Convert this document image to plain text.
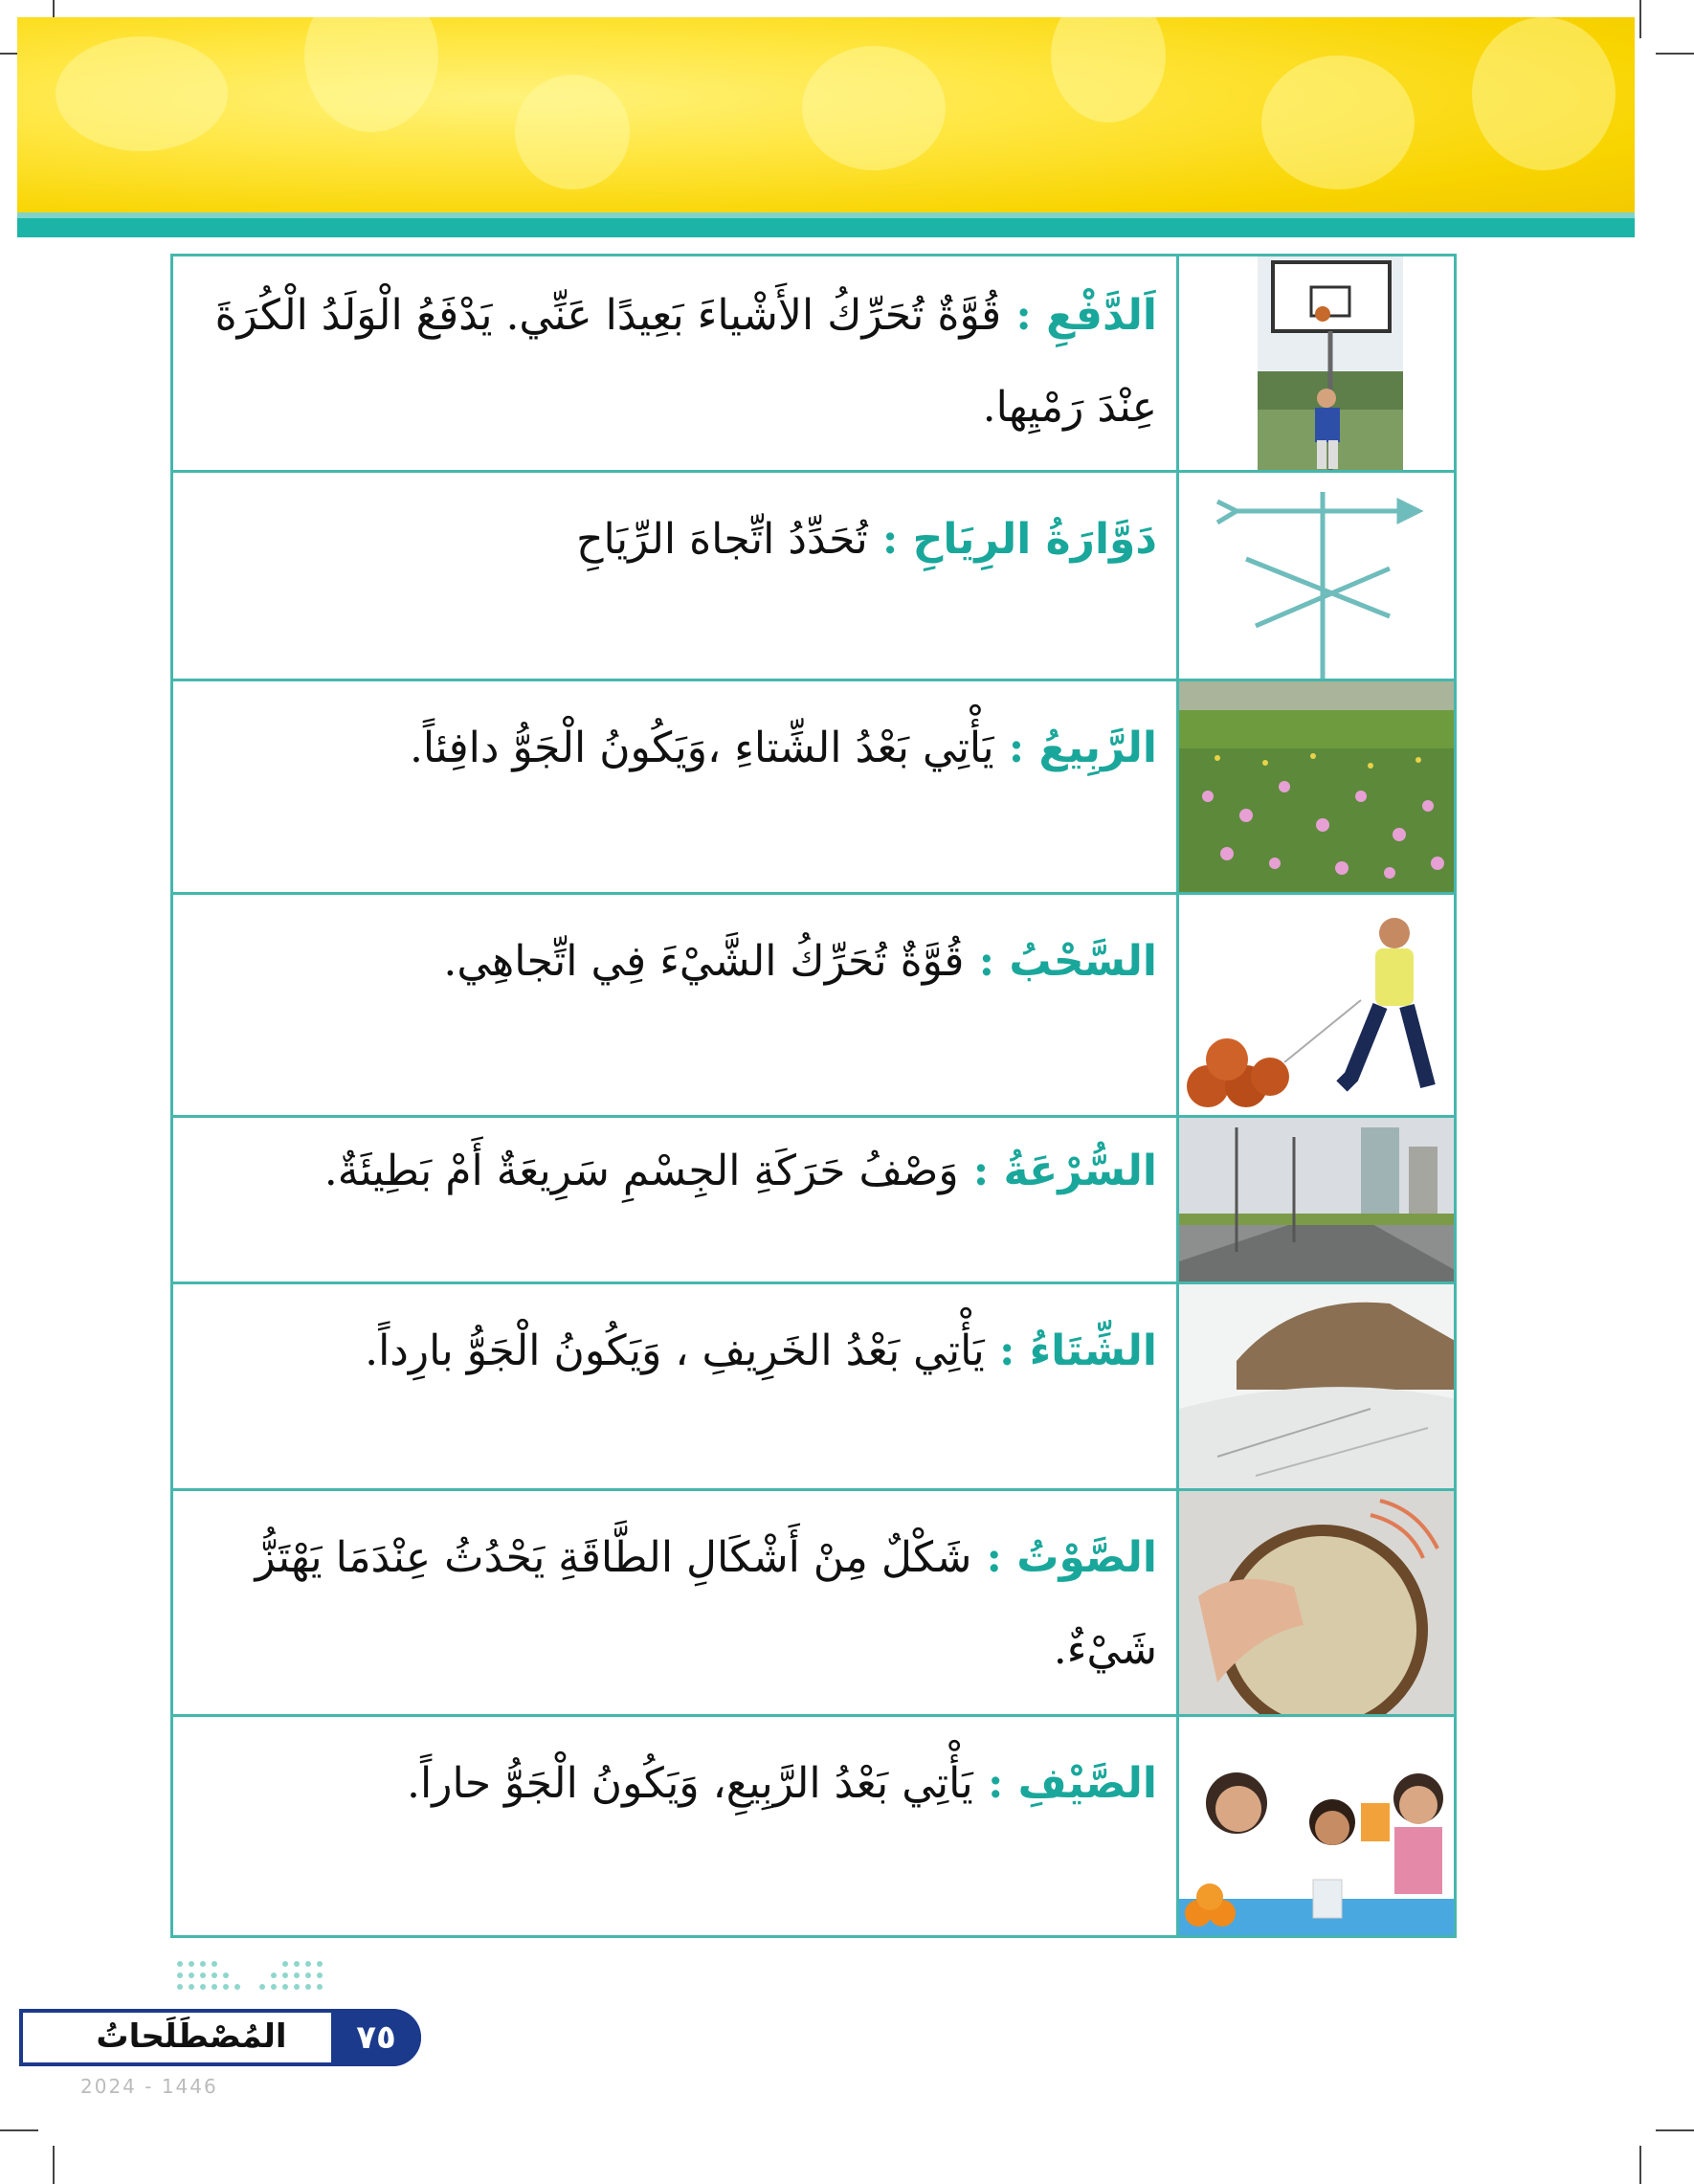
اَلدَّفْعِ : قُوَّةٌ تُحَرِّكُ الأَشْياءَ بَعِيدًا عَنِّي. يَدْفَعُ الْوَلَدُ الْكُرَةَ عِنْدَ رَمْيِها.
دَوَّارَةُ الرِيَاحِ : تُحَدِّدُ اتِّجاهَ الرِّيَاحِ
الرَّبِيعُ : يَأْتِي بَعْدُ الشِّتاءِ ،وَيَكُونُ الْجَوُّ دافِئاً.
السَّحْبُ : قُوَّةٌ تُحَرِّكُ الشَّيْءَ فِي اتِّجاهِي.
السُّرْعَةُ : وَصْفُ حَرَكَةِ الجِسْمِ سَرِيعَةٌ أَمْ بَطِيئَةٌ.
الشِّتَاءُ : يَأْتِي بَعْدُ الخَرِيفِ ، وَيَكُونُ الْجَوُّ بارِداً.
الصَّوْتُ : شَكْلٌ مِنْ أَشْكَالِ الطَّاقَةِ يَحْدُثُ عِنْدَمَا يَهْتَزُّ شَيْءٌ.
الصَّيْفِ : يَأْتِي بَعْدُ الرَّبِيعِ، وَيَكُونُ الْجَوُّ حاراً.
المُصْطَلَحاتُ	٧٥
2024 - 1446
